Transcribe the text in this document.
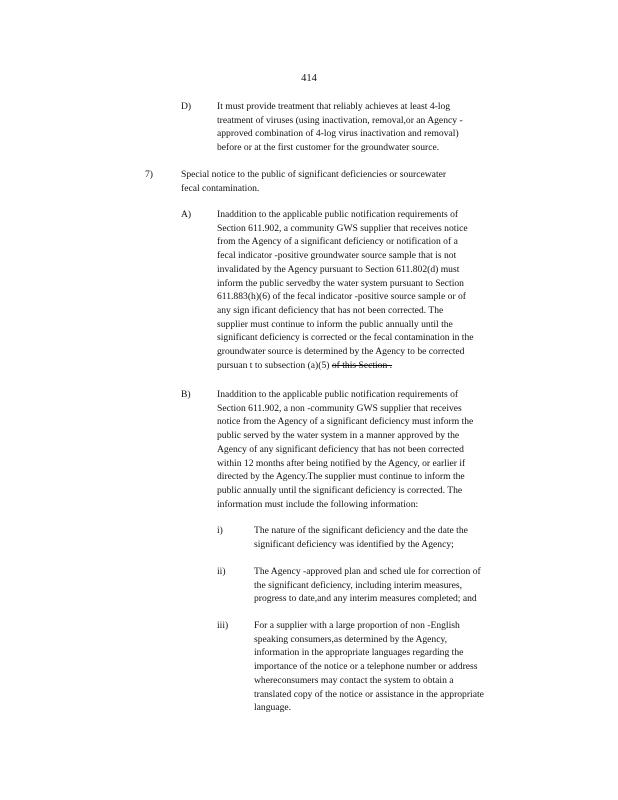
414
D)	It must provide treatment that reliably achieves at least 4-log
treatment of viruses (using inactivation, removal,or an Agency -
approved combination of 4-log virus inactivation and removal)
before or at the first customer for the groundwater source.
7)	Special notice to the public of significant deficiencies or sourcewater
fecal contamination.
A)	Inaddition to the applicable public notification requirements of
Section 611.902, a community GWS supplier that receives notice
from the Agency of a significant deficiency or notification of a
fecal indicator -positive groundwater source sample that is not
invalidated by the Agency pursuant to Section 611.802(d) must
inform the public servedby the water system pursuant to Section
611.883(h)(6) of the fecal indicator -positive source sample or of
any sign ificant deficiency that has not been corrected. The
supplier must continue to inform the public annually until the
significant deficiency is corrected or the fecal contamination in the
groundwater source is determined by the Agency to be corrected
pursuan t to subsection (a)(5) of this Section .
B)	Inaddition to the applicable public notification requirements of
Section 611.902, a non -community GWS supplier that receives
notice from the Agency of a significant deficiency must inform the
public served by the water system in a manner approved by the
Agency of any significant deficiency that has not been corrected
within 12 months after being notified by the Agency, or earlier if
directed by the Agency.The supplier must continue to inform the
public annually until the significant deficiency is corrected. The
information must include the following information:
i)	The nature of the significant deficiency and the date the
significant deficiency was identified by the Agency;
ii)	The Agency -approved plan and sched ule for correction of
the significant deficiency, including interim measures,
progress to date,and any interim measures completed; and
iii)	For a supplier with a large proportion of non -English
speaking consumers,as determined by the Agency,
information in the appropriate languages regarding the
importance of the notice or a telephone number or address
whereconsumers may contact the system to obtain a
translated copy of the notice or assistance in the appropriate
language.
